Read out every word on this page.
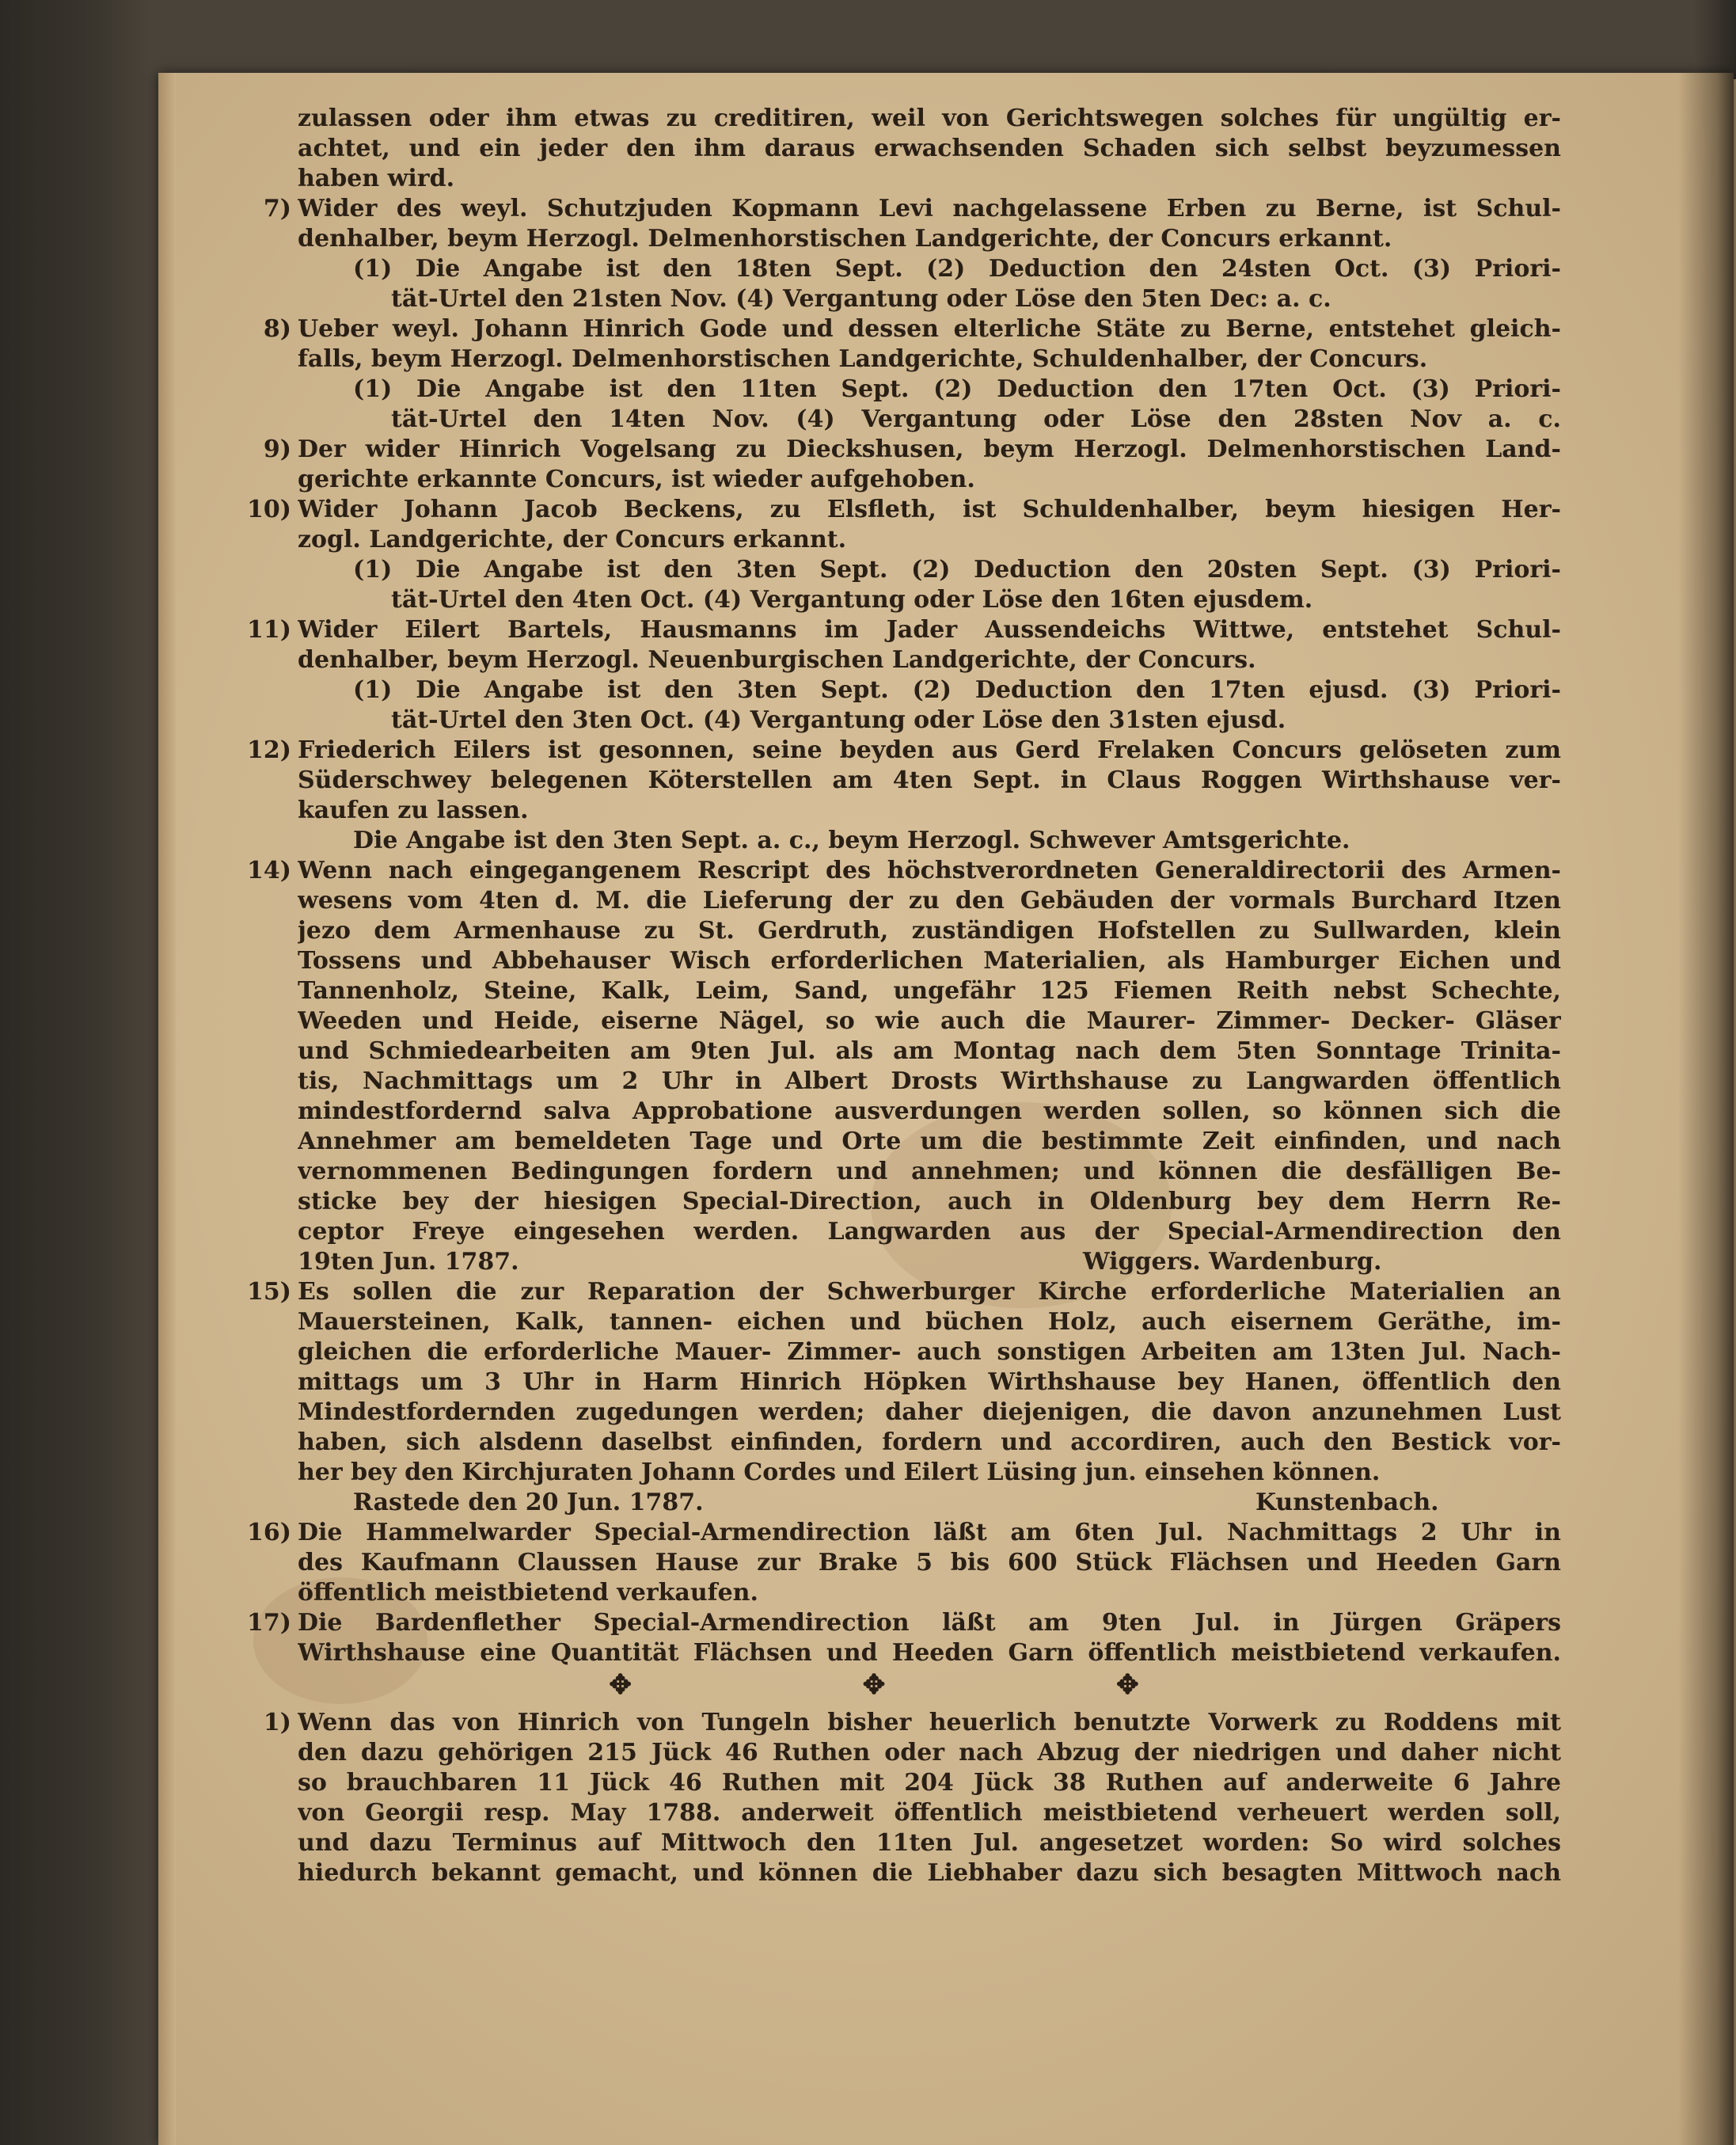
zulassen oder ihm etwas zu creditiren, weil von Gerichtswegen solches für ungültig er-
achtet, und ein jeder den ihm daraus erwachsenden Schaden sich selbst beyzumessen
haben wird.
7) Wider des weyl. Schutzjuden Kopmann Levi nachgelassene Erben zu Berne, ist Schul-
denhalber, beym Herzogl. Delmenhorstischen Landgerichte, der Concurs erkannt.
(1) Die Angabe ist den 18ten Sept. (2) Deduction den 24sten Oct. (3) Priori-
tät-Urtel den 21sten Nov. (4) Vergantung oder Löse den 5ten Dec: a. c.
8) Ueber weyl. Johann Hinrich Gode und dessen elterliche Stäte zu Berne, entstehet gleich-
falls, beym Herzogl. Delmenhorstischen Landgerichte, Schuldenhalber, der Concurs.
(1) Die Angabe ist den 11ten Sept. (2) Deduction den 17ten Oct. (3) Priori-
tät-Urtel den 14ten Nov. (4) Vergantung oder Löse den 28sten Nov a. c.
9) Der wider Hinrich Vogelsang zu Dieckshusen, beym Herzogl. Delmenhorstischen Land-
gerichte erkannte Concurs, ist wieder aufgehoben.
10) Wider Johann Jacob Beckens, zu Elsfleth, ist Schuldenhalber, beym hiesigen Her-
zogl. Landgerichte, der Concurs erkannt.
(1) Die Angabe ist den 3ten Sept. (2) Deduction den 20sten Sept. (3) Priori-
tät-Urtel den 4ten Oct. (4) Vergantung oder Löse den 16ten ejusdem.
11) Wider Eilert Bartels, Hausmanns im Jader Aussendeichs Wittwe, entstehet Schul-
denhalber, beym Herzogl. Neuenburgischen Landgerichte, der Concurs.
(1) Die Angabe ist den 3ten Sept. (2) Deduction den 17ten ejusd. (3) Priori-
tät-Urtel den 3ten Oct. (4) Vergantung oder Löse den 31sten ejusd.
12) Friederich Eilers ist gesonnen, seine beyden aus Gerd Frelaken Concurs gelöseten zum
Süderschwey belegenen Köterstellen am 4ten Sept. in Claus Roggen Wirthshause ver-
kaufen zu lassen.
Die Angabe ist den 3ten Sept. a. c., beym Herzogl. Schwever Amtsgerichte.
14) Wenn nach eingegangenem Rescript des höchstverordneten Generaldirectorii des Armen-
wesens vom 4ten d. M. die Lieferung der zu den Gebäuden der vormals Burchard Itzen
jezo dem Armenhause zu St. Gerdruth, zuständigen Hofstellen zu Sullwarden, klein
Tossens und Abbehauser Wisch erforderlichen Materialien, als Hamburger Eichen und
Tannenholz, Steine, Kalk, Leim, Sand, ungefähr 125 Fiemen Reith nebst Schechte,
Weeden und Heide, eiserne Nägel, so wie auch die Maurer- Zimmer- Decker- Gläser
und Schmiedearbeiten am 9ten Jul. als am Montag nach dem 5ten Sonntage Trinita-
tis, Nachmittags um 2 Uhr in Albert Drosts Wirthshause zu Langwarden öffentlich
mindestfordernd salva Approbatione ausverdungen werden sollen, so können sich die
Annehmer am bemeldeten Tage und Orte um die bestimmte Zeit einfinden, und nach
vernommenen Bedingungen fordern und annehmen; und können die desfälligen Be-
sticke bey der hiesigen Special-Direction, auch in Oldenburg bey dem Herrn Re-
ceptor Freye eingesehen werden. Langwarden aus der Special-Armendirection den
19ten Jun. 1787.	Wiggers. Wardenburg.
15) Es sollen die zur Reparation der Schwerburger Kirche erforderliche Materialien an
Mauersteinen, Kalk, tannen- eichen und büchen Holz, auch eisernem Geräthe, im-
gleichen die erforderliche Mauer- Zimmer- auch sonstigen Arbeiten am 13ten Jul. Nach-
mittags um 3 Uhr in Harm Hinrich Höpken Wirthshause bey Hanen, öffentlich den
Mindestfordernden zugedungen werden; daher diejenigen, die davon anzunehmen Lust
haben, sich alsdenn daselbst einfinden, fordern und accordiren, auch den Bestick vor-
her bey den Kirchjuraten Johann Cordes und Eilert Lüsing jun. einsehen können.
Rastede den 20 Jun. 1787.	Kunstenbach.
16) Die Hammelwarder Special-Armendirection läßt am 6ten Jul. Nachmittags 2 Uhr in
des Kaufmann Claussen Hause zur Brake 5 bis 600 Stück Flächsen und Heeden Garn
öffentlich meistbietend verkaufen.
17) Die Bardenflether Special-Armendirection läßt am 9ten Jul. in Jürgen Gräpers
Wirthshause eine Quantität Flächsen und Heeden Garn öffentlich meistbietend verkaufen.
✥ ✥ ✥
1) Wenn das von Hinrich von Tungeln bisher heuerlich benutzte Vorwerk zu Roddens mit
den dazu gehörigen 215 Jück 46 Ruthen oder nach Abzug der niedrigen und daher nicht
so brauchbaren 11 Jück 46 Ruthen mit 204 Jück 38 Ruthen auf anderweite 6 Jahre
von Georgii resp. May 1788. anderweit öffentlich meistbietend verheuert werden soll,
und dazu Terminus auf Mittwoch den 11ten Jul. angesetzet worden: So wird solches
hiedurch bekannt gemacht, und können die Liebhaber dazu sich besagten Mittwoch nach
